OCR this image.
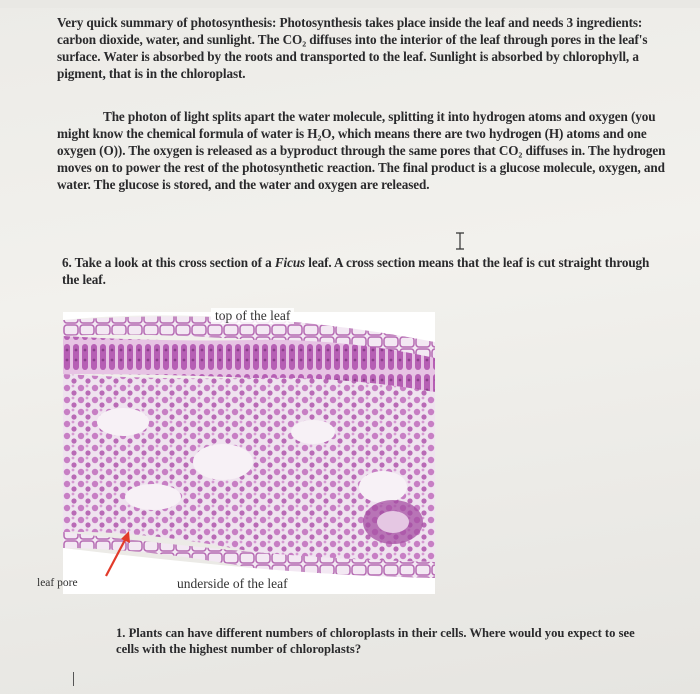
Very quick summary of photosynthesis: Photosynthesis takes place inside the leaf and needs 3 ingredients: carbon dioxide, water, and sunlight. The CO₂ diffuses into the interior of the leaf through pores in the leaf's surface. Water is absorbed by the roots and transported to the leaf. Sunlight is absorbed by chlorophyll, a pigment, that is in the chloroplast.

The photon of light splits apart the water molecule, splitting it into hydrogen atoms and oxygen (you might know the chemical formula of water is H₂O, which means there are two hydrogen (H) atoms and one oxygen (O)). The oxygen is released as a byproduct through the same pores that CO₂ diffuses in. The hydrogen moves on to power the rest of the photosynthetic reaction. The final product is a glucose molecule, oxygen, and water. The glucose is stored, and the water and oxygen are released.

6. Take a look at this cross section of a Ficus leaf. A cross section means that the leaf is cut straight through the leaf.

top of the leaf
underside of the leaf
leaf pore

1. Plants can have different numbers of chloroplasts in their cells. Where would you expect to see cells with the highest number of chloroplasts?
